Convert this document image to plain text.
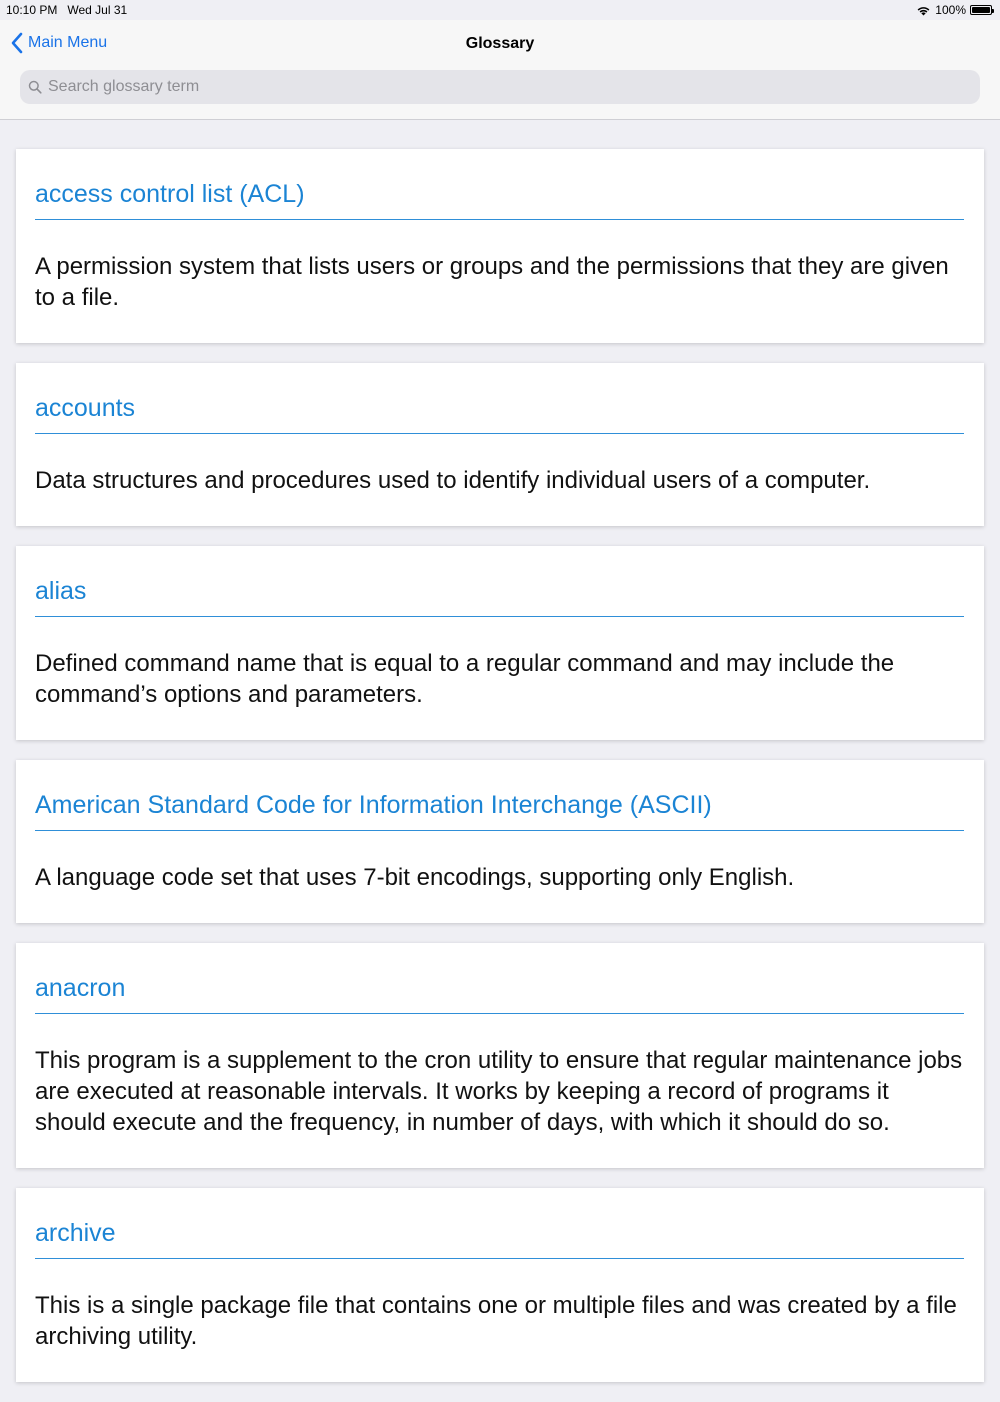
10:10 PM Wed Jul 31	100%
Main Menu	Glossary
Search glossary term
access control list (ACL)
A permission system that lists users or groups and the permissions that they are given to a file.
accounts
Data structures and procedures used to identify individual users of a computer.
alias
Defined command name that is equal to a regular command and may include the command’s options and parameters.
American Standard Code for Information Interchange (ASCII)
A language code set that uses 7-bit encodings, supporting only English.
anacron
This program is a supplement to the cron utility to ensure that regular maintenance jobs are executed at reasonable intervals. It works by keeping a record of programs it should execute and the frequency, in number of days, with which it should do so.
archive
This is a single package file that contains one or multiple files and was created by a file archiving utility.
